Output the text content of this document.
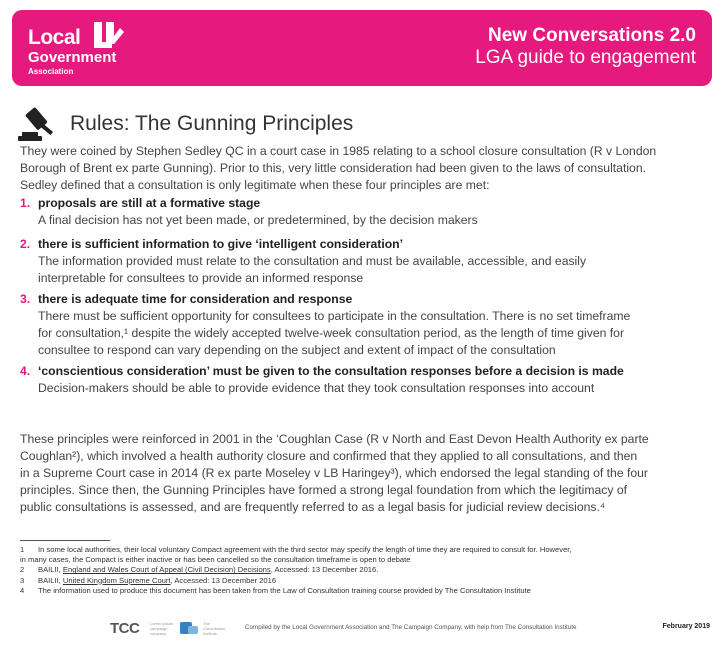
Local
Government
Association
New Conversations 2.0
LGA guide to engagement
Rules: The Gunning Principles
They were coined by Stephen Sedley QC in a court case in 1985 relating to a school closure consultation (R v London
Borough of Brent ex parte Gunning). Prior to this, very little consideration had been given to the laws of consultation.
Sedley defined that a consultation is only legitimate when these four principles are met:
1. proposals are still at a formative stage
A final decision has not yet been made, or predetermined, by the decision makers
2. there is sufficient information to give ‘intelligent consideration’
The information provided must relate to the consultation and must be available, accessible, and easily
interpretable for consultees to provide an informed response
3. there is adequate time for consideration and response
There must be sufficient opportunity for consultees to participate in the consultation. There is no set timeframe
for consultation,¹ despite the widely accepted twelve-week consultation period, as the length of time given for
consultee to respond can vary depending on the subject and extent of impact of the consultation
4. ‘conscientious consideration’ must be given to the consultation responses before a decision is made
Decision-makers should be able to provide evidence that they took consultation responses into account
These principles were reinforced in 2001 in the ‘Coughlan Case (R v North and East Devon Health Authority ex parte
Coughlan²), which involved a health authority closure and confirmed that they applied to all consultations, and then
in a Supreme Court case in 2014 (R ex parte Moseley v LB Haringey³), which endorsed the legal standing of the four
principles. Since then, the Gunning Principles have formed a strong legal foundation from which the legitimacy of
public consultations is assessed, and are frequently referred to as a legal basis for judicial review decisions.⁴
1 In some local authorities, their local voluntary Compact agreement with the third sector may specify the length of time they are required to consult for. However,
in many cases, the Compact is either inactive or has been cancelled so the consultation timeframe is open to debate
2 BAILII, England and Wales Court of Appeal (Civil Decision) Decisions, Accessed: 13 December 2016.
3 BAILII, United Kingdom Supreme Court, Accessed: 13 December 2016
4 The information used to produce this document has been taken from the Law of Consultation training course provided by The Consultation Institute
TCC	Lorem ipsum campaign company
The Consultation Institute
Compiled by the Local Government Association and The Campaign Company, with help from The Consultation Institute	February 2019
